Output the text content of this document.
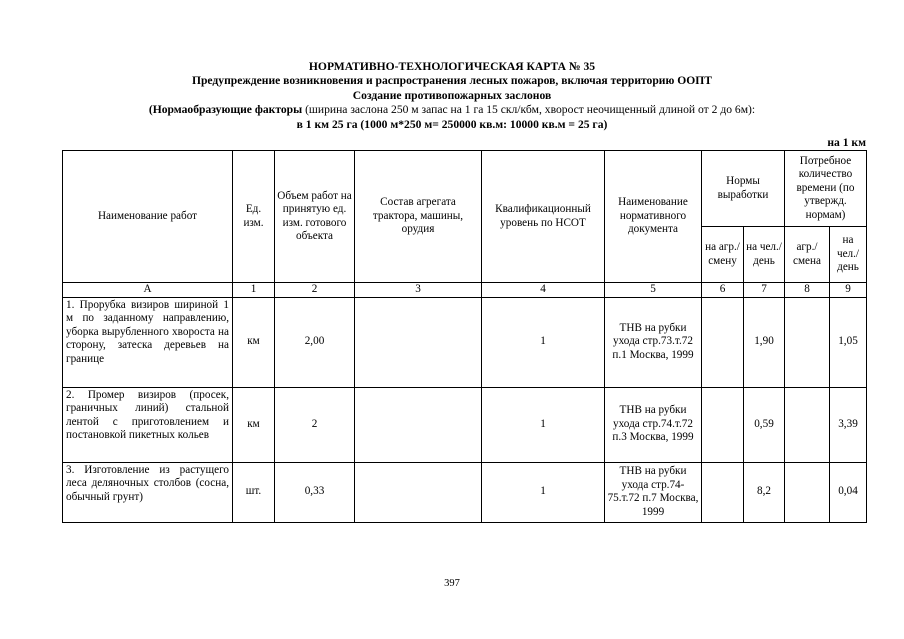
НОРМАТИВНО-ТЕХНОЛОГИЧЕСКАЯ КАРТА № 35
Предупреждение возникновения и распространения лесных пожаров, включая территорию ООПТ
Создание противопожарных заслонов
(Нормаобразующие факторы (ширина заслона 250 м запас на 1 га 15 скл/кбм, хворост неочищенный длиной от 2 до 6м):
в 1 км 25 га (1000 м*250 м= 250000 кв.м: 10000 кв.м = 25 га)
на 1 км
Наименование работ	Ед. изм.	Объем работ на принятую ед. изм. готового объекта	Состав агрегата трактора, машины, орудия	Квалификационный уровень по НСОТ	Наименование нормативного документа	Нормы выработки		Потребное количество времени (по утвержд. нормам)	
						на агр./ смену	на чел./ день	агр./ смена	на чел./ день
А	1	2	3	4	5	6	7	8	9
1. Прорубка визиров шириной 1 м по заданному направлению, уборка вырубленного хвороста на сторону, затеска деревьев на границе	км	2,00		1	ТНВ на рубки ухода стр.73.т.72 п.1 Москва, 1999		1,90		1,05
2. Промер визиров (просек, граничных линий) стальной лентой с приготовлением и постановкой пикетных кольев	км	2		1	ТНВ на рубки ухода стр.74.т.72 п.3 Москва, 1999		0,59		3,39
3. Изготовление из растущего леса деляночных столбов (сосна, обычный грунт)	шт.	0,33		1	ТНВ на рубки ухода стр.74-75.т.72 п.7 Москва, 1999		8,2		0,04
397
